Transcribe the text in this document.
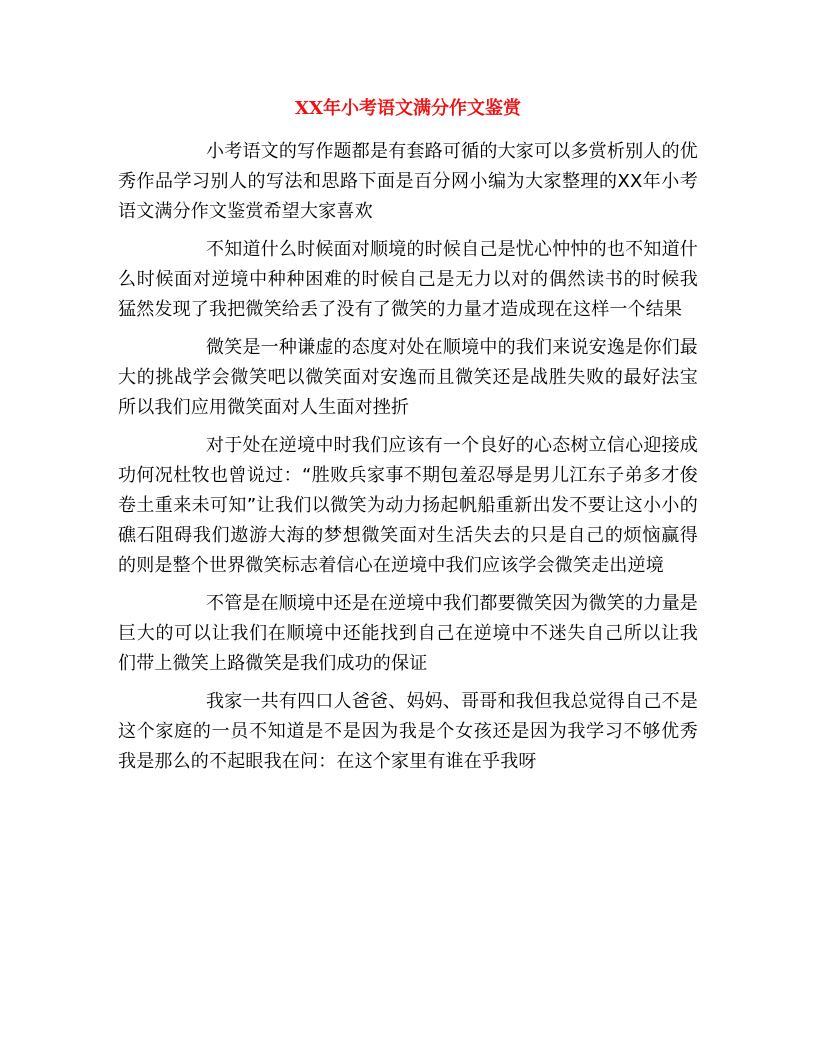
XX年小考语文满分作文鉴赏

小考语文的写作题都是有套路可循的大家可以多赏析别人的优秀作品学习别人的写法和思路下面是百分网小编为大家整理的XX年小考语文满分作文鉴赏希望大家喜欢

不知道什么时候面对顺境的时候自己是忧心忡忡的也不知道什么时候面对逆境中种种困难的时候自己是无力以对的偶然读书的时候我猛然发现了我把微笑给丢了没有了微笑的力量才造成现在这样一个结果

微笑是一种谦虚的态度对处在顺境中的我们来说安逸是你们最大的挑战学会微笑吧以微笑面对安逸而且微笑还是战胜失败的最好法宝所以我们应用微笑面对人生面对挫折

对于处在逆境中时我们应该有一个良好的心态树立信心迎接成功何况杜牧也曾说过：“胜败兵家事不期包羞忍辱是男儿江东子弟多才俊卷土重来未可知”让我们以微笑为动力扬起帆船重新出发不要让这小小的礁石阻碍我们遨游大海的梦想微笑面对生活失去的只是自己的烦恼赢得的则是整个世界微笑标志着信心在逆境中我们应该学会微笑走出逆境

不管是在顺境中还是在逆境中我们都要微笑因为微笑的力量是巨大的可以让我们在顺境中还能找到自己在逆境中不迷失自己所以让我们带上微笑上路微笑是我们成功的保证

我家一共有四口人爸爸、妈妈、哥哥和我但我总觉得自己不是这个家庭的一员不知道是不是因为我是个女孩还是因为我学习不够优秀我是那么的不起眼我在问：在这个家里有谁在乎我呀
